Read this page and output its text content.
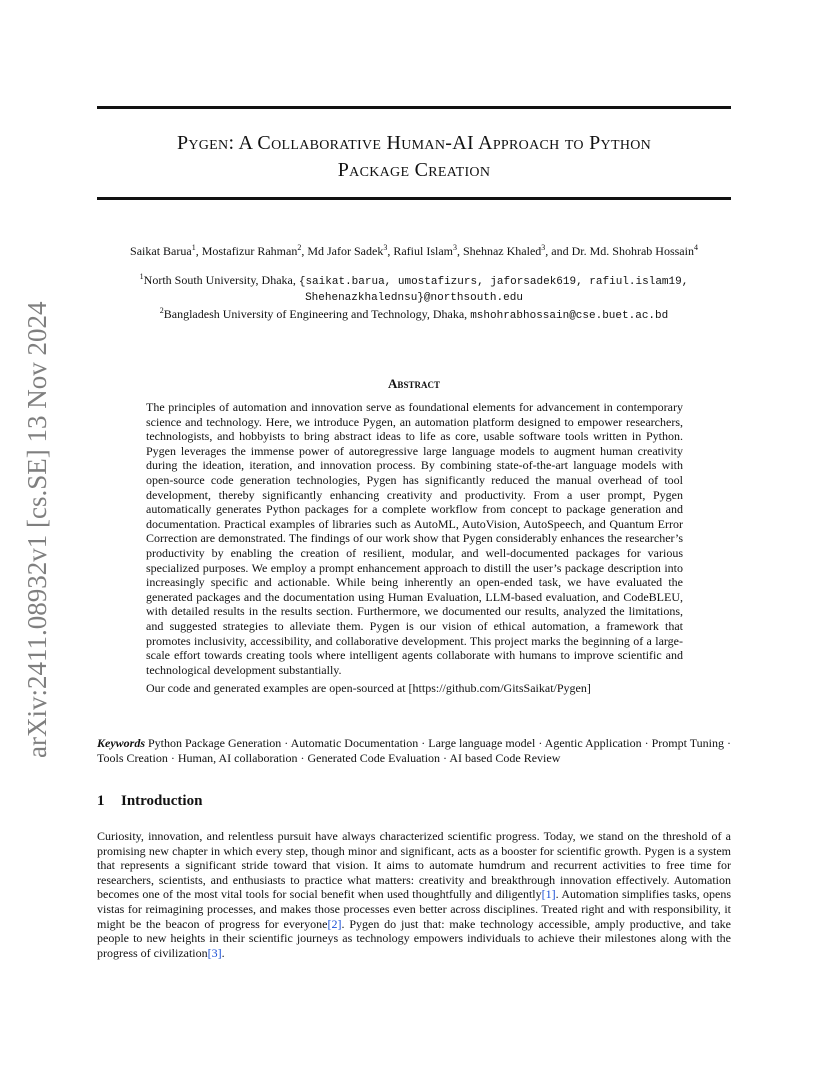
arXiv:2411.08932v1 [cs.SE] 13 Nov 2024
Pygen: A Collaborative Human-AI Approach to Python
Package Creation
Saikat Barua$^1$, Mostafizur Rahman$^2$, Md Jafor Sadek$^3$, Rafiul Islam$^3$, Shehnaz Khaled$^3$, and Dr. Md. Shohrab Hossain$^4$
$^1$North South University, Dhaka, {saikat.barua, umostafizurs, jaforsadek619, rafiul.islam19,
Shehenazkhalednsu}@northsouth.edu
$^2$Bangladesh University of Engineering and Technology, Dhaka, mshohrabhossain@cse.buet.ac.bd
Abstract

The principles of automation and innovation serve as foundational elements for advancement in contemporary science and technology. Here, we introduce Pygen, an automation platform designed to empower researchers, technologists, and hobbyists to bring abstract ideas to life as core, usable software tools written in Python. Pygen leverages the immense power of autoregressive large language models to augment human creativity during the ideation, iteration, and innovation process. By combining state-of-the-art language models with open-source code generation technologies, Pygen has significantly reduced the manual overhead of tool development, thereby significantly enhancing creativity and productivity. From a user prompt, Pygen automatically generates Python packages for a complete workflow from concept to package generation and documentation. Practical examples of libraries such as AutoML, AutoVision, AutoSpeech, and Quantum Error Correction are demonstrated. The findings of our work show that Pygen considerably enhances the researcher’s productivity by enabling the creation of resilient, modular, and well-documented packages for various specialized purposes. We employ a prompt enhancement approach to distill the user’s package description into increasingly specific and actionable. While being inherently an open-ended task, we have evaluated the generated packages and the documentation using Human Evaluation, LLM-based evaluation, and CodeBLEU, with detailed results in the results section. Furthermore, we documented our results, analyzed the limitations, and suggested strategies to alleviate them. Pygen is our vision of ethical automation, a framework that promotes inclusivity, accessibility, and collaborative development. This project marks the beginning of a large-scale effort towards creating tools where intelligent agents collaborate with humans to improve scientific and technological development substantially.

Our code and generated examples are open-sourced at [https://github.com/GitsSaikat/Pygen]

Keywords Python Package Generation · Automatic Documentation · Large language model · Agentic Application · Prompt Tuning · Tools Creation · Human, AI collaboration · Generated Code Evaluation · AI based Code Review
1 Introduction
Curiosity, innovation, and relentless pursuit have always characterized scientific progress. Today, we stand on the threshold of a promising new chapter in which every step, though minor and significant, acts as a booster for scientific growth. Pygen is a system that represents a significant stride toward that vision. It aims to automate humdrum and recurrent activities to free time for researchers, scientists, and enthusiasts to practice what matters: creativity and breakthrough innovation effectively. Automation becomes one of the most vital tools for social benefit when used thoughtfully and diligently[1]. Automation simplifies tasks, opens vistas for reimagining processes, and makes those processes even better across disciplines. Treated right and with responsibility, it might be the beacon of progress for everyone[2]. Pygen do just that: make technology accessible, amply productive, and take people to new heights in their scientific journeys as technology empowers individuals to achieve their milestones along with the progress of civilization[3].
